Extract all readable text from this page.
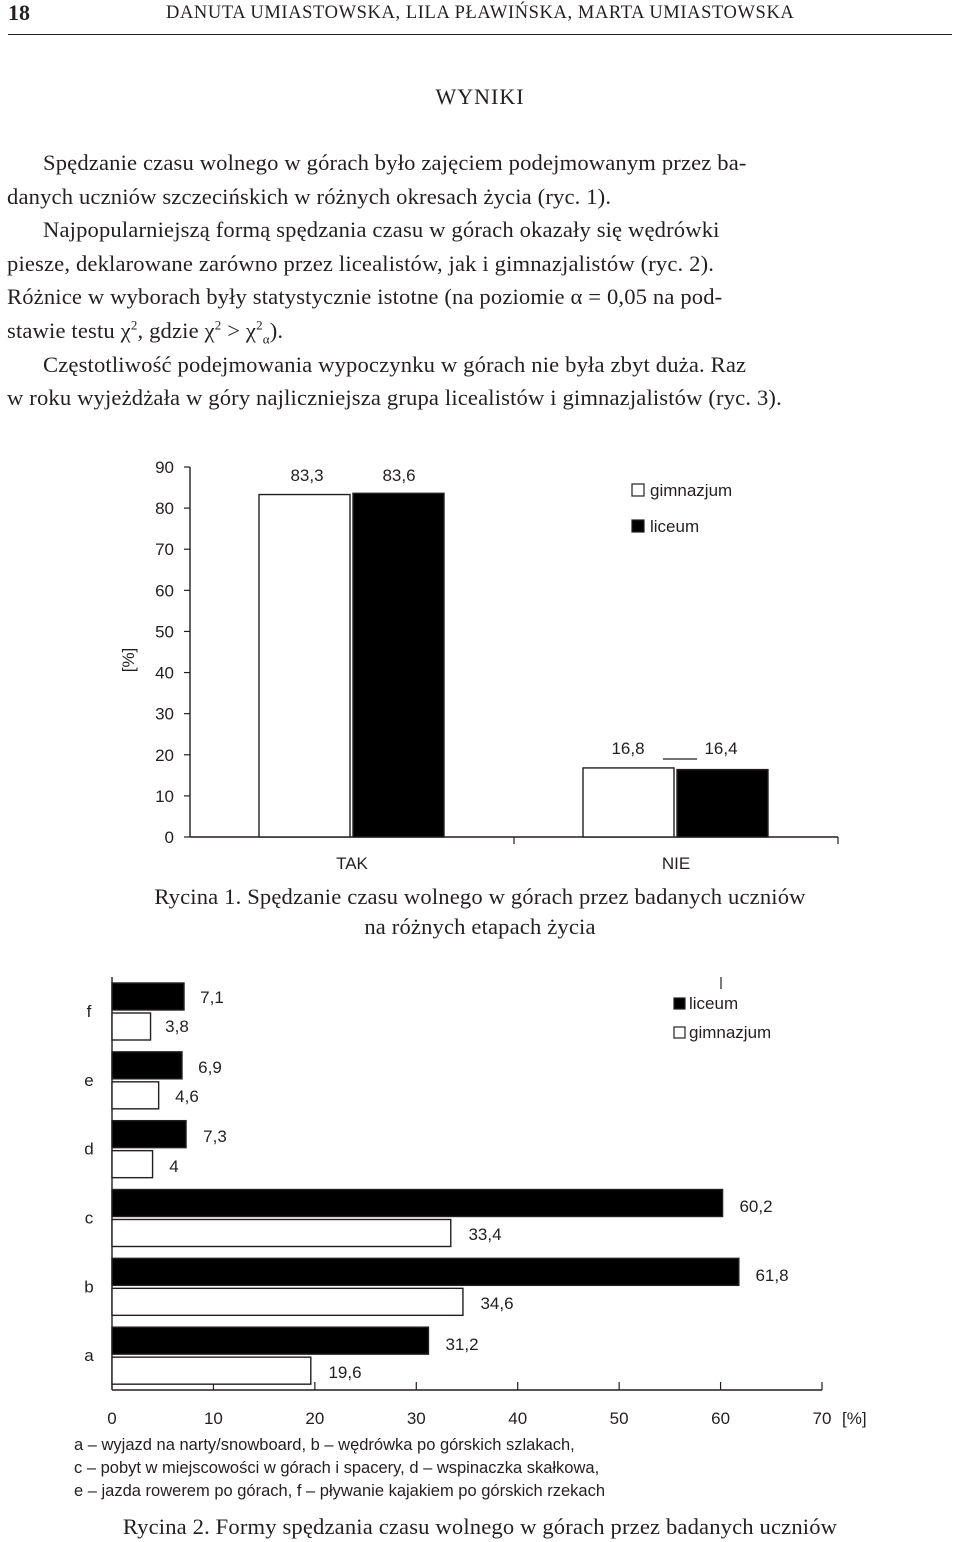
18	DANUTA UMIASTOWSKA, LILA PŁAWIŃSKA, MARTA UMIASTOWSKA
WYNIKI

Spędzanie czasu wolnego w górach było zajęciem podejmowanym przez ba-
danych uczniów szczecińskich w różnych okresach życia (ryc. 1).
Najpopularniejszą formą spędzania czasu w górach okazały się wędrówki
piesze, deklarowane zarówno przez licealistów, jak i gimnazjalistów (ryc. 2).
Różnice w wyborach były statystycznie istotne (na poziomie α = 0,05 na pod-
stawie testu $\chi^2$, gdzie $\chi^2 > \chi^2_\alpha$).
Częstotliwość podejmowania wypoczynku w górach nie była zbyt duża. Raz
w roku wyjeżdżała w góry najliczniejsza grupa licealistów i gimnazjalistów (ryc. 3).

0
10
20
30
40
50
60
70
80
90
[%]
TAK	NIE
83,3	83,6
16,8	16,4
gimnazjum
liceum
Rycina 1. Spędzanie czasu wolnego w górach przez badanych uczniów
na różnych etapach życia
0	10	20	30	40	50	60	70 [%]
f
e
d
c
b
a
7,1
3,8
6,9
4,6
7,3
4
60,2
33,4
61,8
34,6
31,2
19,6
liceum
gimnazjum
a – wyjazd na narty/snowboard, b – wędrówka po górskich szlakach,
c – pobyt w miejscowości w górach i spacery, d – wspinaczka skałkowa,
e – jazda rowerem po górach, f – pływanie kajakiem po górskich rzekach
Rycina 2. Formy spędzania czasu wolnego w górach przez badanych uczniów
